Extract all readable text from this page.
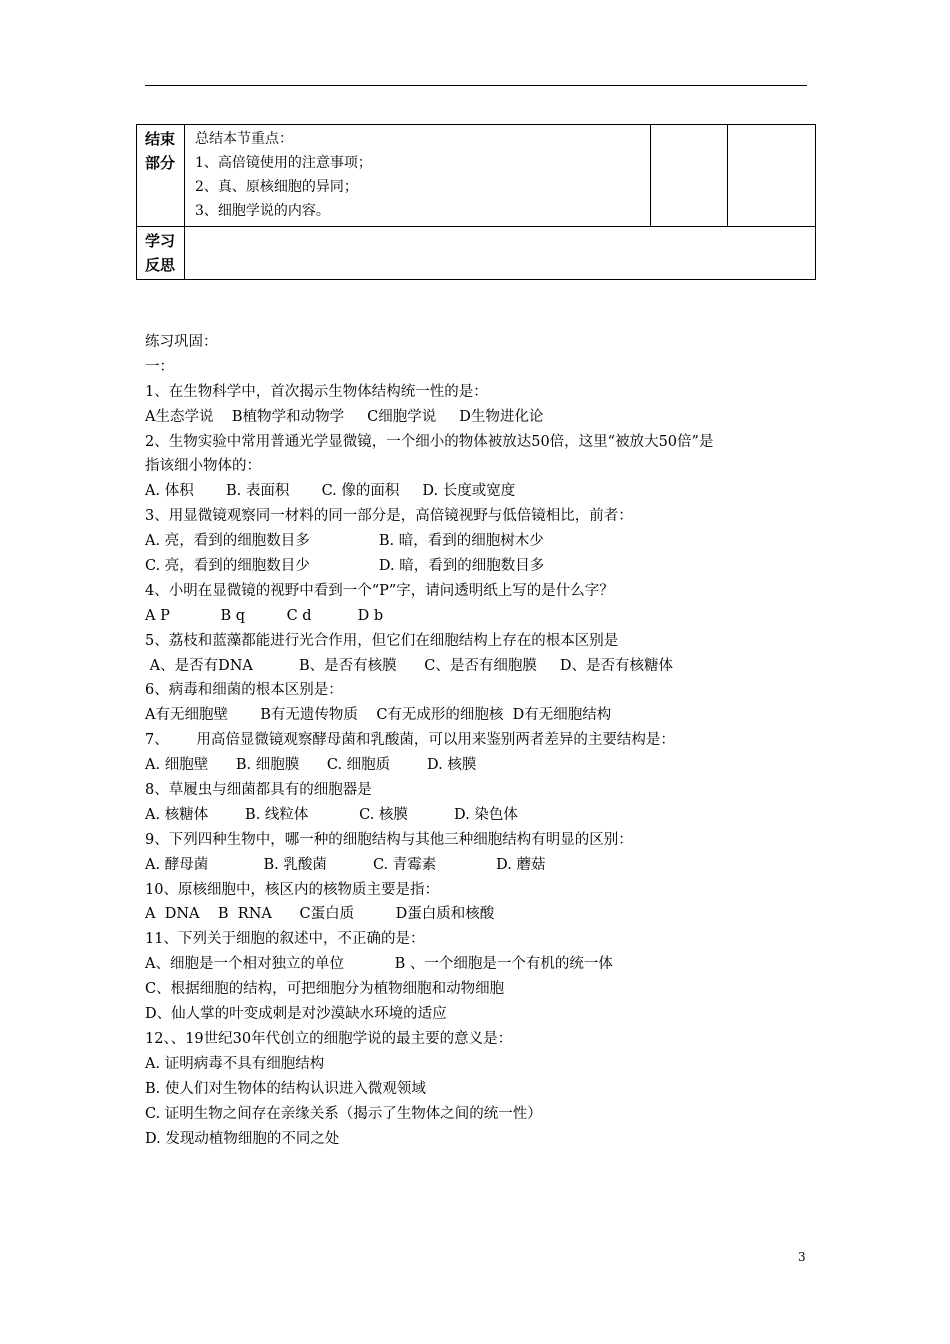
结束部分	总结本节重点：
1、高倍镜使用的注意事项；
2、真、原核细胞的异同；
3、细胞学说的内容。		

学习反思			
练习巩固：
一：
1、在生物科学中，首次揭示生物体结构统一性的是：
A生态学说    B植物学和动物学     C细胞学说     D生物进化论
2、生物实验中常用普通光学显微镜，一个细小的物体被放达50倍，这里“被放大50倍”是
指该细小物体的：
A. 体积       B. 表面积       C. 像的面积     D. 长度或宽度
3、用显微镜观察同一材料的同一部分是，高倍镜视野与低倍镜相比，前者：
A. 亮，看到的细胞数目多               B. 暗，看到的细胞树木少
C. 亮，看到的细胞数目少               D. 暗，看到的细胞数目多
4、小明在显微镜的视野中看到一个“P”字，请问透明纸上写的是什么字？
A P           B q         C d          D b
5、荔枝和蓝藻都能进行光合作用，但它们在细胞结构上存在的根本区别是
A、是否有DNA          B、是否有核膜      C、是否有细胞膜     D、是否有核糖体
6、病毒和细菌的根本区别是：
A有无细胞壁       B有无遗传物质    C有无成形的细胞核  D有无细胞结构
7、      用高倍显微镜观察酵母菌和乳酸菌，可以用来鉴别两者差异的主要结构是：
A. 细胞壁      B. 细胞膜      C. 细胞质        D. 核膜
8、草履虫与细菌都具有的细胞器是
A. 核糖体        B. 线粒体           C. 核膜          D. 染色体
9、下列四种生物中，哪一种的细胞结构与其他三种细胞结构有明显的区别：
A. 酵母菌            B. 乳酸菌          C. 青霉素             D. 蘑菇
10、原核细胞中，核区内的核物质主要是指：
A  DNA    B  RNA      C蛋白质         D蛋白质和核酸
11、下列关于细胞的叙述中，不正确的是：
A、细胞是一个相对独立的单位           B 、一个细胞是一个有机的统一体
C、根据细胞的结构，可把细胞分为植物细胞和动物细胞
D、仙人掌的叶变成刺是对沙漠缺水环境的适应
12、、19世纪30年代创立的细胞学说的最主要的意义是：
A. 证明病毒不具有细胞结构
B. 使人们对生物体的结构认识进入微观领域
C. 证明生物之间存在亲缘关系（揭示了生物体之间的统一性）
D. 发现动植物细胞的不同之处
3
